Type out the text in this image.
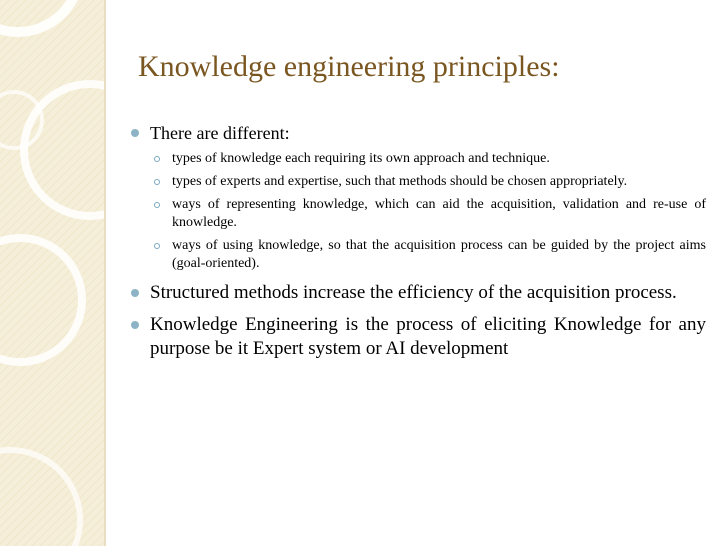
Knowledge engineering principles:
There are different:
types of knowledge each requiring its own approach and technique.
types of experts and expertise, such that methods should be chosen appropriately.
ways of representing knowledge, which can aid the acquisition, validation and re-use of knowledge.
ways of using knowledge, so that the acquisition process can be guided by the project aims (goal-oriented).
Structured methods increase the efficiency of the acquisition process.
Knowledge Engineering is the process of eliciting Knowledge for any purpose be it Expert system or AI development
